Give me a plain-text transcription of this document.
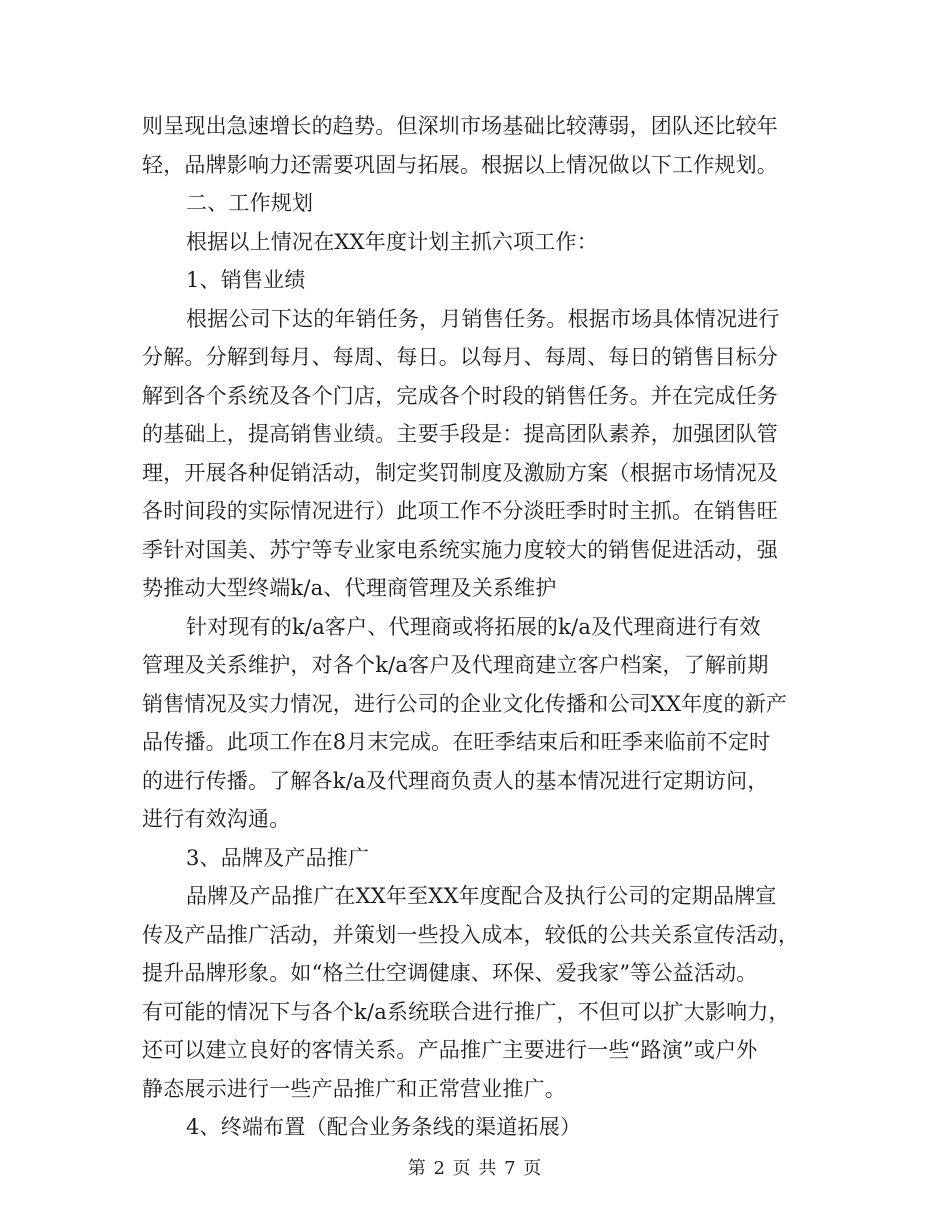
则呈现出急速增长的趋势。但深圳市场基础比较薄弱，团队还比较年
轻，品牌影响力还需要巩固与拓展。根据以上情况做以下工作规划。
二、工作规划
根据以上情况在XX年度计划主抓六项工作：
1、销售业绩
根据公司下达的年销任务，月销售任务。根据市场具体情况进行
分解。分解到每月、每周、每日。以每月、每周、每日的销售目标分
解到各个系统及各个门店，完成各个时段的销售任务。并在完成任务
的基础上，提高销售业绩。主要手段是：提高团队素养，加强团队管
理，开展各种促销活动，制定奖罚制度及激励方案（根据市场情况及
各时间段的实际情况进行）此项工作不分淡旺季时时主抓。在销售旺
季针对国美、苏宁等专业家电系统实施力度较大的销售促进活动，强
势推动大型终端k/a、代理商管理及关系维护
针对现有的k/a客户、代理商或将拓展的k/a及代理商进行有效
管理及关系维护，对各个k/a客户及代理商建立客户档案，了解前期
销售情况及实力情况，进行公司的企业文化传播和公司XX年度的新产
品传播。此项工作在8月末完成。在旺季结束后和旺季来临前不定时
的进行传播。了解各k/a及代理商负责人的基本情况进行定期访问，
进行有效沟通。
3、品牌及产品推广
品牌及产品推广在XX年至XX年度配合及执行公司的定期品牌宣
传及产品推广活动，并策划一些投入成本，较低的公共关系宣传活动，
提升品牌形象。如“格兰仕空调健康、环保、爱我家”等公益活动。
有可能的情况下与各个k/a系统联合进行推广，不但可以扩大影响力，
还可以建立良好的客情关系。产品推广主要进行一些“路演”或户外
静态展示进行一些产品推广和正常营业推广。
4、终端布置（配合业务条线的渠道拓展）
第 2 页 共 7 页
